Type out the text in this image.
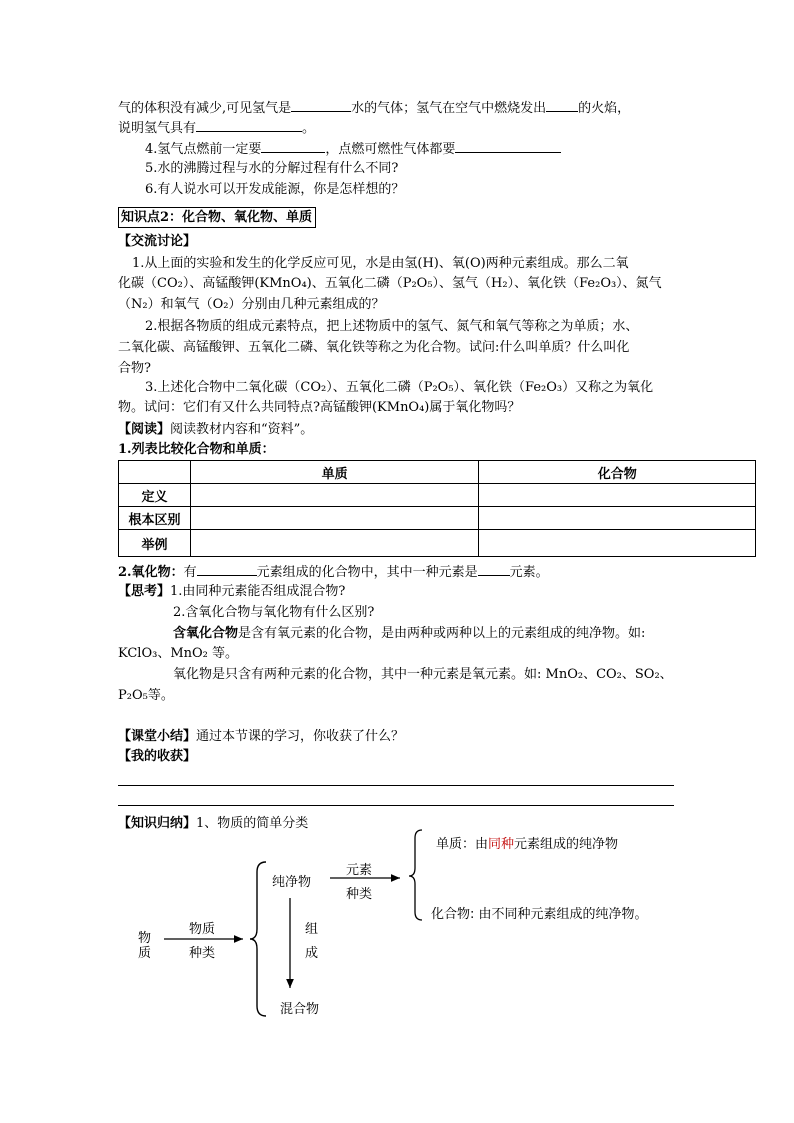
气的体积没有减少,可见氢气是	水的气体；氢气在空气中燃烧发出 的火焰，
说明氢气具有	。
4.氢气点燃前一定要	，点燃可燃性气体都要
5.水的沸腾过程与水的分解过程有什么不同?
6.有人说水可以开发成能源，你是怎样想的？
知识点2：化合物、氧化物、单质
【交流讨论】
1.从上面的实验和发生的化学反应可见，水是由氢(H)、氧(O)两种元素组成。那么二氧
化碳（CO₂）、高锰酸钾(KMnO₄)、五氧化二磷（P₂O₅）、氢气（H₂）、氧化铁（Fe₂O₃）、氮气
（N₂）和氧气（O₂）分别由几种元素组成的？
2.根据各物质的组成元素特点，把上述物质中的氢气、氮气和氧气等称之为单质；水、
二氧化碳、高锰酸钾、五氧化二磷、氧化铁等称之为化合物。试问:什么叫单质？什么叫化
合物?
3.上述化合物中二氧化碳（CO₂）、五氧化二磷（P₂O₅）、氧化铁（Fe₂O₃）又称之为氧化
物。试问：它们有又什么共同特点?高锰酸钾(KMnO₄)属于氧化物吗？
【阅读】阅读教材内容和“资料”。
1.列表比较化合物和单质：
	单质	化合物
定义		
根本区别		
举例		
2.氧化物：有	元素组成的化合物中，其中一种元素是 元素。
【思考】1.由同种元素能否组成混合物?
2.含氧化合物与氧化物有什么区别?
含氧化合物是含有氧元素的化合物，是由两种或两种以上的元素组成的纯净物。如:
KClO₃、MnO₂ 等。
氧化物是只含有两种元素的化合物，其中一种元素是氧元素。如: MnO₂、CO₂、SO₂、
P₂O₅等。
【课堂小结】通过本节课的学习，你收获了什么？
【我的收获】
【知识归纳】1、物质的简单分类
物
质
物质
种类
纯净物
元素
种类
单质：由同种元素组成的纯净物
化合物: 由不同种元素组成的纯净物。
组
成
混合物
